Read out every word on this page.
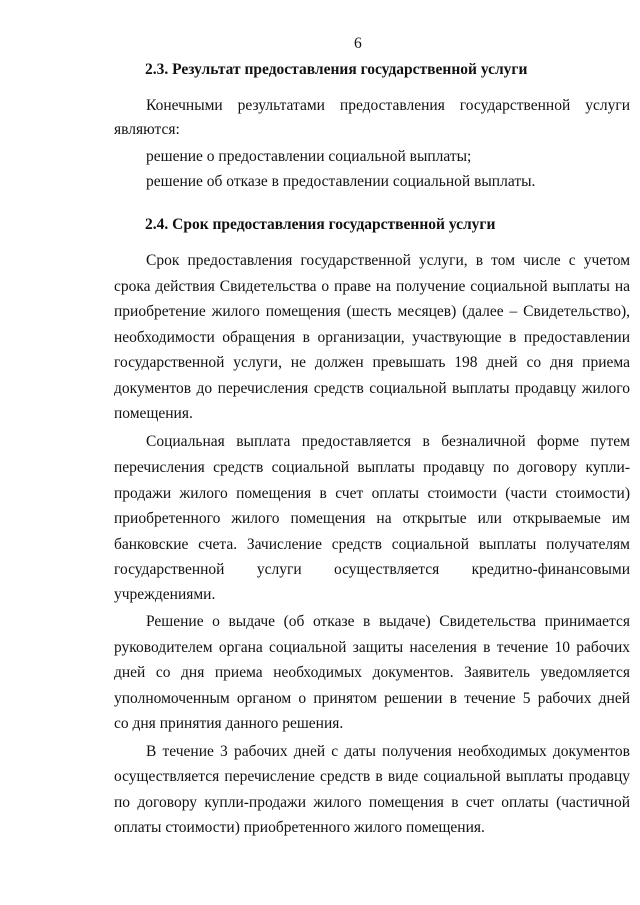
6
2.3. Результат предоставления государственной услуги
Конечными результатами предоставления государственной услуги
являются:
решение о предоставлении социальной выплаты;
решение об отказе в предоставлении социальной выплаты.
2.4. Срок предоставления государственной услуги
Срок предоставления государственной услуги, в том числе с учетом
срока действия Свидетельства о праве на получение социальной выплаты на
приобретение жилого помещения (шесть месяцев) (далее – Свидетельство),
необходимости обращения в организации, участвующие в предоставлении
государственной услуги, не должен превышать 198 дней со дня приема
документов до перечисления средств социальной выплаты продавцу жилого
помещения.
Социальная выплата предоставляется в безналичной форме путем
перечисления средств социальной выплаты продавцу по договору купли-
продажи жилого помещения в счет оплаты стоимости (части стоимости)
приобретенного жилого помещения на открытые или открываемые им
банковские счета. Зачисление средств социальной выплаты получателям
государственной услуги осуществляется кредитно-финансовыми
учреждениями.
Решение о выдаче (об отказе в выдаче) Свидетельства принимается
руководителем органа социальной защиты населения в течение 10 рабочих
дней со дня приема необходимых документов. Заявитель уведомляется
уполномоченным органом о принятом решении в течение 5 рабочих дней
со дня принятия данного решения.
В течение 3 рабочих дней с даты получения необходимых документов
осуществляется перечисление средств в виде социальной выплаты продавцу
по договору купли-продажи жилого помещения в счет оплаты (частичной
оплаты стоимости) приобретенного жилого помещения.
